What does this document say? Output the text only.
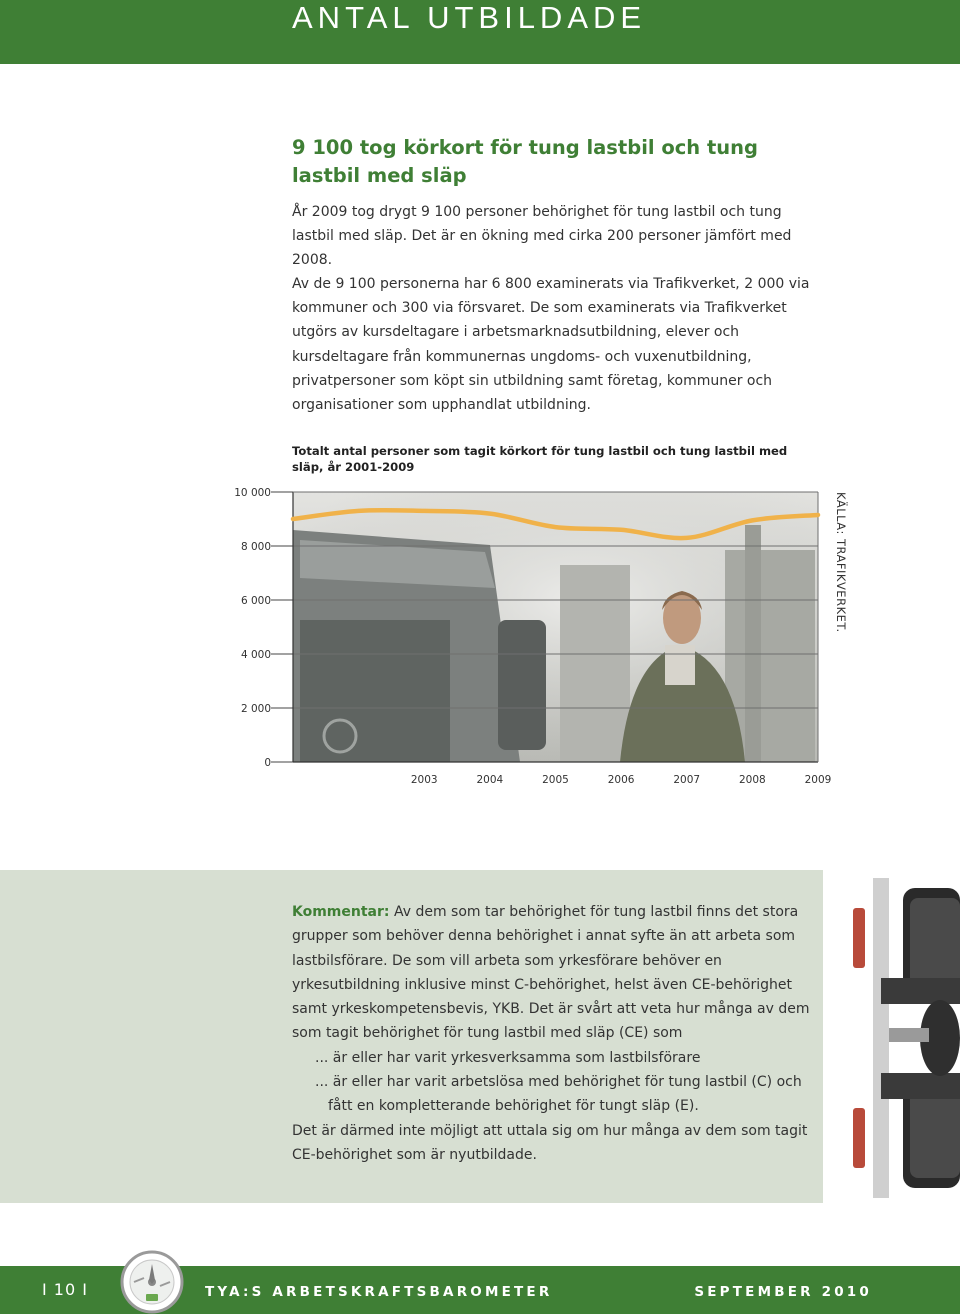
ANTAL UTBILDADE
9 100 tog körkort för tung lastbil och tung lastbil med släp

År 2009 tog drygt 9 100 personer behörighet för tung lastbil och tung lastbil med släp. Det är en ökning med cirka 200 personer jämfört med 2008.

Av de 9 100 personerna har 6 800 examinerats via Trafikverket, 2 000 via kommuner och 300 via försvaret. De som examinerats via Trafikverket utgörs av kursdeltagare i arbetsmarknadsutbildning, elever och kursdeltagare från kommunernas ungdoms- och vuxenutbildning, privatpersoner som köpt sin utbildning samt företag, kommuner och organisationer som upphandlat utbildning.

Totalt antal personer som tagit körkort för tung lastbil och tung lastbil med släp, år 2001-2009

10 000
8 000
6 000
4 000
2 000
0
2003	2004	2005	2006	2007	2008	2009
KÄLLA: TRAFIKVERKET.
Kommentar: Av dem som tar behörighet för tung lastbil finns det stora grupper som behöver denna behörighet i annat syfte än att arbeta som lastbilsförare. De som vill arbeta som yrkesförare behöver en yrkesutbildning inklusive minst C-behörighet, helst även CE-behörighet samt yrkeskompetensbevis, YKB. Det är svårt att veta hur många av dem som tagit behörighet för tung lastbil med släp (CE) som
... är eller har varit yrkesverksamma som lastbilsförare
... är eller har varit arbetslösa med behörighet för tung lastbil (C) och fått en kompletterande behörighet för tungt släp (E).
Det är därmed inte möjligt att uttala sig om hur många av dem som tagit CE-behörighet som är nyutbildade.
I 10 I	TYA:S ARBETSKRAFTSBAROMETER	SEPTEMBER 2010
